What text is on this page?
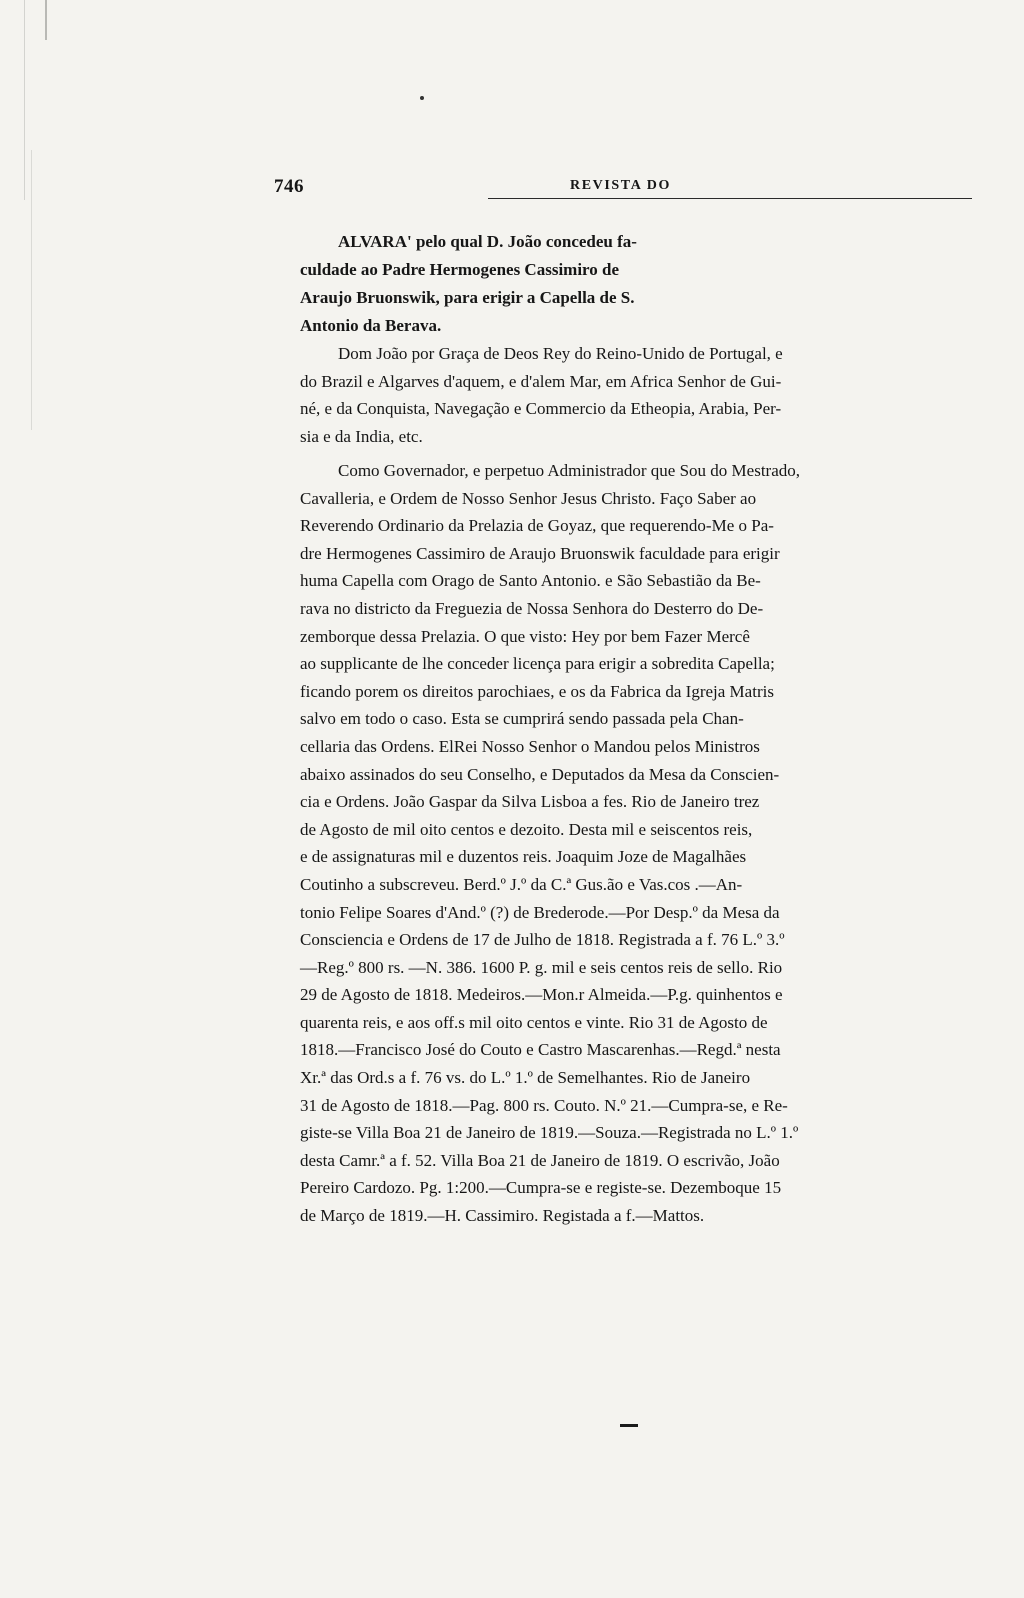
746	REVISTA DO

ALVARA' pelo qual D. João concedeu fa-
culdade ao Padre Hermogenes Cassimiro de
Araujo Bruonswik, para erigir a Capella de S.
Antonio da Berava.

Dom João por Graça de Deos Rey do Reino-Unido de Portugal, e
do Brazil e Algarves d'aquem, e d'alem Mar, em Africa Senhor de Gui-
né, e da Conquista, Navegação e Commercio da Etheopia, Arabia, Per-
sia e da India, etc.

Como Governador, e perpetuo Administrador que Sou do Mestrado,
Cavalleria, e Ordem de Nosso Senhor Jesus Christo. Faço Saber ao
Reverendo Ordinario da Prelazia de Goyaz, que requerendo-Me o Pa-
dre Hermogenes Cassimiro de Araujo Bruonswik faculdade para erigir
huma Capella com Orago de Santo Antonio. e São Sebastião da Be-
rava no districto da Freguezia de Nossa Senhora do Desterro do De-
zemborque dessa Prelazia. O que visto: Hey por bem Fazer Mercê
ao supplicante de lhe conceder licença para erigir a sobredita Capella;
ficando porem os direitos parochiaes, e os da Fabrica da Igreja Matris
salvo em todo o caso. Esta se cumprirá sendo passada pela Chan-
cellaria das Ordens. ElRei Nosso Senhor o Mandou pelos Ministros
abaixo assinados do seu Conselho, e Deputados da Mesa da Conscien-
cia e Ordens. João Gaspar da Silva Lisboa a fes. Rio de Janeiro trez
de Agosto de mil oito centos e dezoito. Desta mil e seiscentos reis,
e de assignaturas mil e duzentos reis. Joaquim Joze de Magalhães
Coutinho a subscreveu. Berd.º J.º da C.ª Gus.ão e Vas.cos .—An-
tonio Felipe Soares d'And.º (?) de Brederode.—Por Desp.º da Mesa da
Consciencia e Ordens de 17 de Julho de 1818. Registrada a f. 76 L.º 3.º
—Reg.º 800 rs. —N. 386. 1600 P. g. mil e seis centos reis de sello. Rio
29 de Agosto de 1818. Medeiros.—Mon.r Almeida.—P.g. quinhentos e
quarenta reis, e aos off.s mil oito centos e vinte. Rio 31 de Agosto de
1818.—Francisco José do Couto e Castro Mascarenhas.—Regd.ª nesta
Xr.ª das Ord.s a f. 76 vs. do L.º 1.º de Semelhantes. Rio de Janeiro
31 de Agosto de 1818.—Pag. 800 rs. Couto. N.º 21.—Cumpra-se, e Re-
giste-se Villa Boa 21 de Janeiro de 1819.—Souza.—Registrada no L.º 1.º
desta Camr.ª a f. 52. Villa Boa 21 de Janeiro de 1819. O escrivão, João
Pereiro Cardozo. Pg. 1:200.—Cumpra-se e registe-se. Dezemboque 15
de Março de 1819.—H. Cassimiro. Registada a f.—Mattos.
